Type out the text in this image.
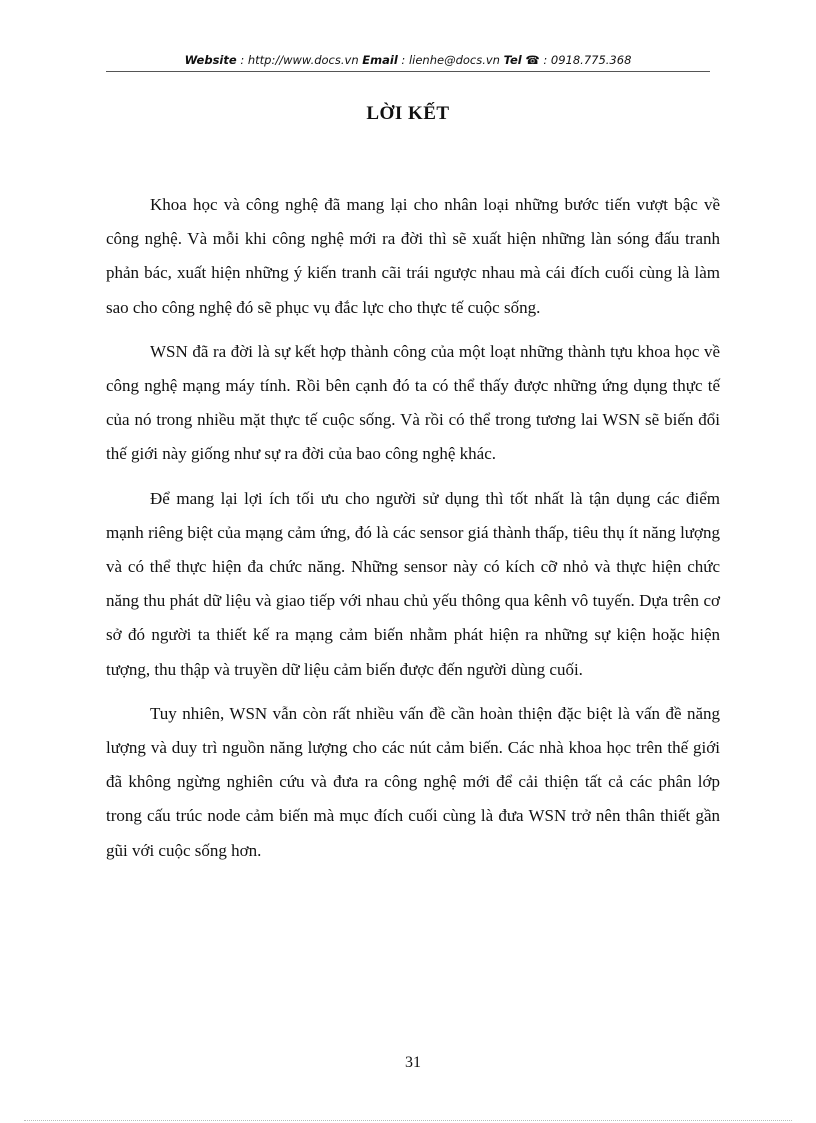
Website : http://www.docs.vn Email : lienhe@docs.vn Tel ☎ : 0918.775.368
LỜI KẾT

Khoa học và công nghệ đã mang lại cho nhân loại những bước tiến vượt bậc về công nghệ. Và mỗi khi công nghệ mới ra đời thì sẽ xuất hiện những làn sóng đấu tranh phản bác, xuất hiện những ý kiến tranh cãi trái ngược nhau mà cái đích cuối cùng là làm sao cho công nghệ đó sẽ phục vụ đắc lực cho thực tế cuộc sống.

WSN đã ra đời là sự kết hợp thành công của một loạt những thành tựu khoa học về công nghệ mạng máy tính. Rồi bên cạnh đó ta có thể thấy được những ứng dụng thực tế của nó trong nhiều mặt thực tế cuộc sống. Và rồi có thể trong tương lai WSN sẽ biến đổi thế giới này giống như sự ra đời của bao công nghệ khác.

Để mang lại lợi ích tối ưu cho người sử dụng thì tốt nhất là tận dụng các điểm mạnh riêng biệt của mạng cảm ứng, đó là các sensor giá thành thấp, tiêu thụ ít năng lượng và có thể thực hiện đa chức năng. Những sensor này có kích cỡ nhỏ và thực hiện chức năng thu phát dữ liệu và giao tiếp với nhau chủ yếu thông qua kênh vô tuyến. Dựa trên cơ sở đó người ta thiết kế ra mạng cảm biến nhằm phát hiện ra những sự kiện hoặc hiện tượng, thu thập và truyền dữ liệu cảm biến được đến người dùng cuối.

Tuy nhiên, WSN vẫn còn rất nhiều vấn đề cần hoàn thiện đặc biệt là vấn đề năng lượng và duy trì nguồn năng lượng cho các nút cảm biến. Các nhà khoa học trên thế giới đã không ngừng nghiên cứu và đưa ra công nghệ mới để cải thiện tất cả các phân lớp trong cấu trúc node cảm biến mà mục đích cuối cùng là đưa WSN trở nên thân thiết gần gũi với cuộc sống hơn.

31
